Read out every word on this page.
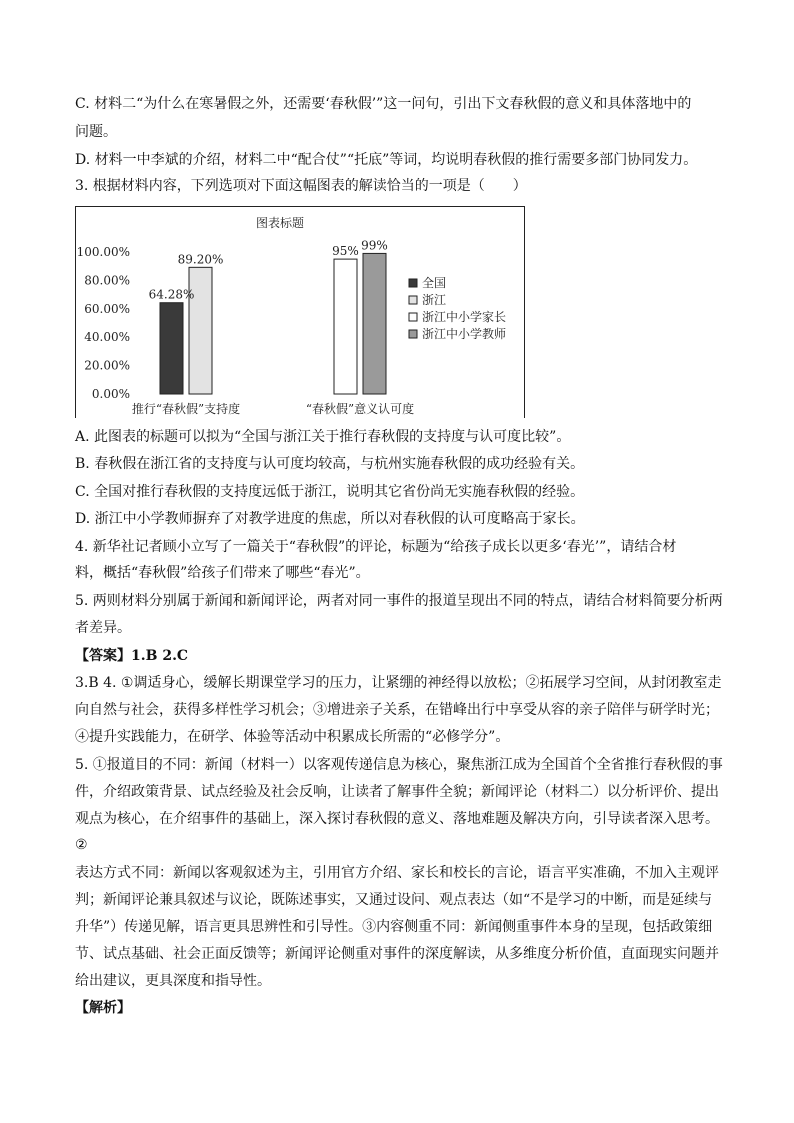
C. 材料二“为什么在寒暑假之外，还需要‘春秋假’”这一问句，引出下文春秋假的意义和具体落地中的
问题。
D. 材料一中李斌的介绍，材料二中“配合仗”“托底”等词，均说明春秋假的推行需要多部门协同发力。
3. 根据材料内容，下列选项对下面这幅图表的解读恰当的一项是（　　）
图表标题
100.00%
80.00%
60.00%
40.00%
20.00%
0.00%
64.28%
89.20%
95% 99%
推行“春秋假”支持度	“春秋假”意义认可度
全国
浙江
浙江中小学家长
浙江中小学教师
A. 此图表的标题可以拟为“全国与浙江关于推行春秋假的支持度与认可度比较”。
B. 春秋假在浙江省的支持度与认可度均较高，与杭州实施春秋假的成功经验有关。
C. 全国对推行春秋假的支持度远低于浙江，说明其它省份尚无实施春秋假的经验。
D. 浙江中小学教师摒弃了对教学进度的焦虑，所以对春秋假的认可度略高于家长。
4. 新华社记者顾小立写了一篇关于“春秋假”的评论，标题为“给孩子成长以更多‘春光’”，请结合材
料，概括“春秋假”给孩子们带来了哪些“春光”。
5. 两则材料分别属于新闻和新闻评论，两者对同一事件的报道呈现出不同的特点，请结合材料简要分析两
者差异。
【答案】1.B 2.C
3.B 4. ①调适身心，缓解长期课堂学习的压力，让紧绷的神经得以放松；②拓展学习空间，从封闭教室走
向自然与社会，获得多样性学习机会；③增进亲子关系，在错峰出行中享受从容的亲子陪伴与研学时光；
④提升实践能力，在研学、体验等活动中积累成长所需的“必修学分”。
5. ①报道目的不同：新闻（材料一）以客观传递信息为核心，聚焦浙江成为全国首个全省推行春秋假的事
件，介绍政策背景、试点经验及社会反响，让读者了解事件全貌；新闻评论（材料二）以分析评价、提出
观点为核心，在介绍事件的基础上，深入探讨春秋假的意义、落地难题及解决方向，引导读者深入思考。
②
表达方式不同：新闻以客观叙述为主，引用官方介绍、家长和校长的言论，语言平实准确，不加入主观评
判；新闻评论兼具叙述与议论，既陈述事实，又通过设问、观点表达（如“不是学习的中断，而是延续与
升华”）传递见解，语言更具思辨性和引导性。③内容侧重不同：新闻侧重事件本身的呈现，包括政策细
节、试点基础、社会正面反馈等；新闻评论侧重对事件的深度解读，从多维度分析价值，直面现实问题并
给出建议，更具深度和指导性。
【解析】
